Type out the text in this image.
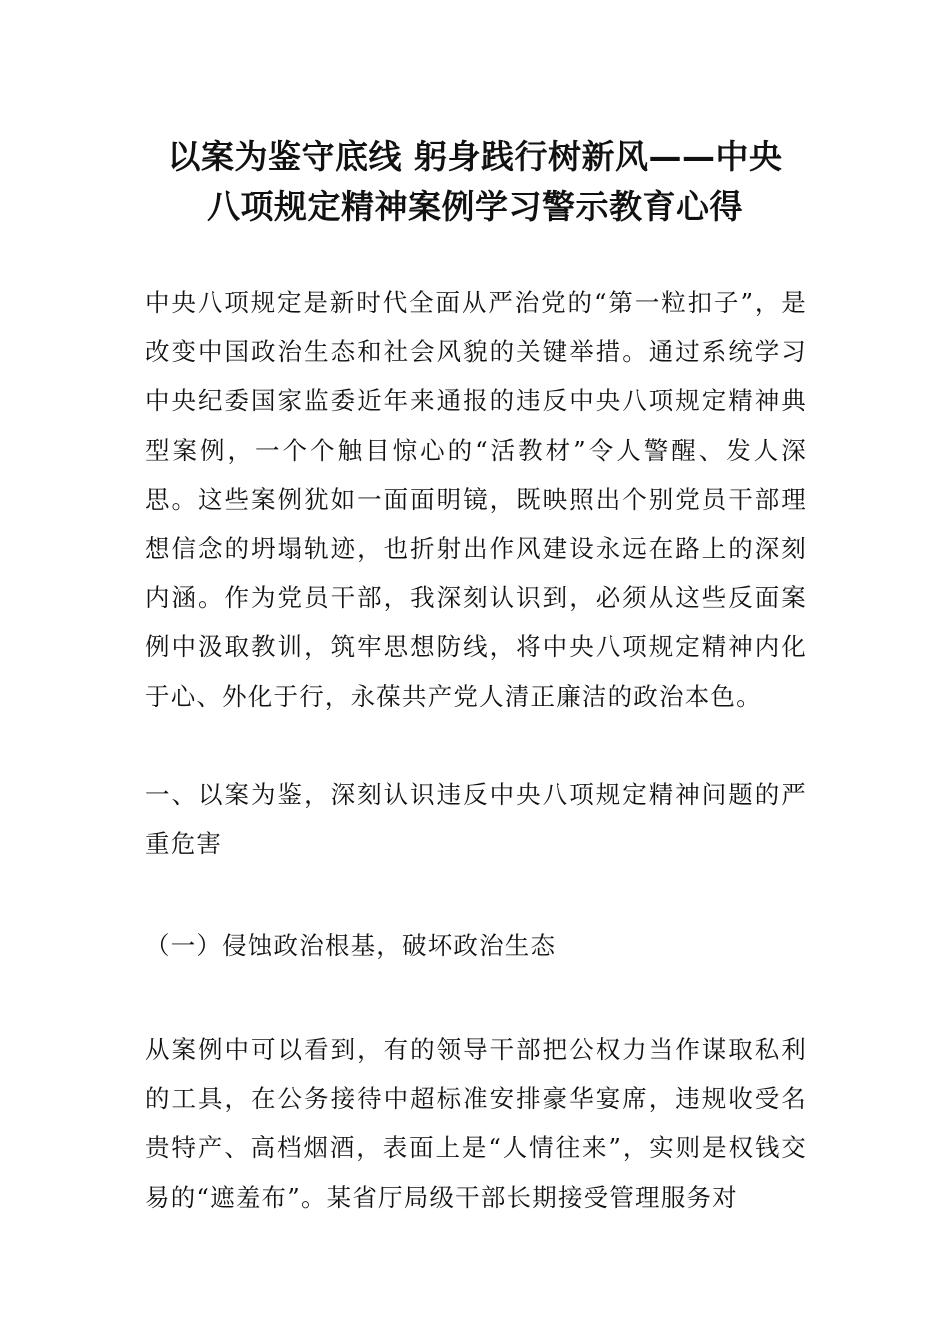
以案为鉴守底线 躬身践行树新风——中央
八项规定精神案例学习警示教育心得

中央八项规定是新时代全面从严治党的“第一粒扣子”，是改变中国政治生态和社会风貌的关键举措。通过系统学习中央纪委国家监委近年来通报的违反中央八项规定精神典型案例，一个个触目惊心的“活教材”令人警醒、发人深思。这些案例犹如一面面明镜，既映照出个别党员干部理想信念的坍塌轨迹，也折射出作风建设永远在路上的深刻内涵。作为党员干部，我深刻认识到，必须从这些反面案例中汲取教训，筑牢思想防线，将中央八项规定精神内化于心、外化于行，永葆共产党人清正廉洁的政治本色。

一、以案为鉴，深刻认识违反中央八项规定精神问题的严重危害

（一）侵蚀政治根基，破坏政治生态

从案例中可以看到，有的领导干部把公权力当作谋取私利的工具，在公务接待中超标准安排豪华宴席，违规收受名贵特产、高档烟酒，表面上是“人情往来”，实则是权钱交易的“遮羞布”。某省厅局级干部长期接受管理服务对
